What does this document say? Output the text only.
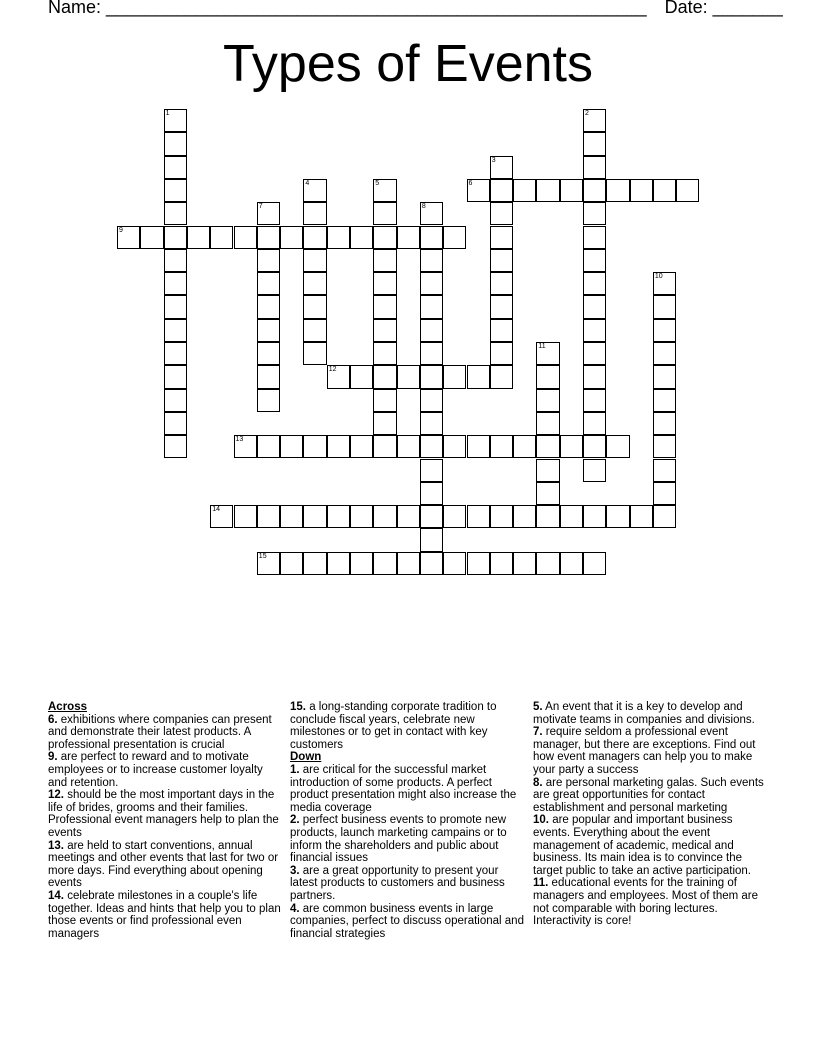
Name: ______________________________________________________ Date: _______
Types of Events
1	2
3
4	5	6
7	8
9
10
11
12
13
14
15
Across

6. exhibitions where companies can present and demonstrate their latest products. A professional presentation is crucial

9. are perfect to reward and to motivate employees or to increase customer loyalty and retention.

12. should be the most important days in the life of brides, grooms and their families. Professional event managers help to plan the events

13. are held to start conventions, annual meetings and other events that last for two or more days. Find everything about opening events

14. celebrate milestones in a couple's life together. Ideas and hints that help you to plan those events or find professional even managers

15. a long-standing corporate tradition to conclude fiscal years, celebrate new milestones or to get in contact with key customers

Down

1. are critical for the successful market introduction of some products. A perfect product presentation might also increase the media coverage

2. perfect business events to promote new products, launch marketing campains or to inform the shareholders and public about financial issues

3. are a great opportunity to present your latest products to customers and business partners.

4. are common business events in large companies, perfect to discuss operational and financial strategies

5. An event that it is a key to develop and motivate teams in companies and divisions.

7. require seldom a professional event manager, but there are exceptions. Find out how event managers can help you to make your party a success

8. are personal marketing galas. Such events are great opportunities for contact establishment and personal marketing

10. are popular and important business events. Everything about the event management of academic, medical and business. Its main idea is to convince the target public to take an active participation.

11. educational events for the training of managers and employees. Most of them are not comparable with boring lectures. Interactivity is core!
